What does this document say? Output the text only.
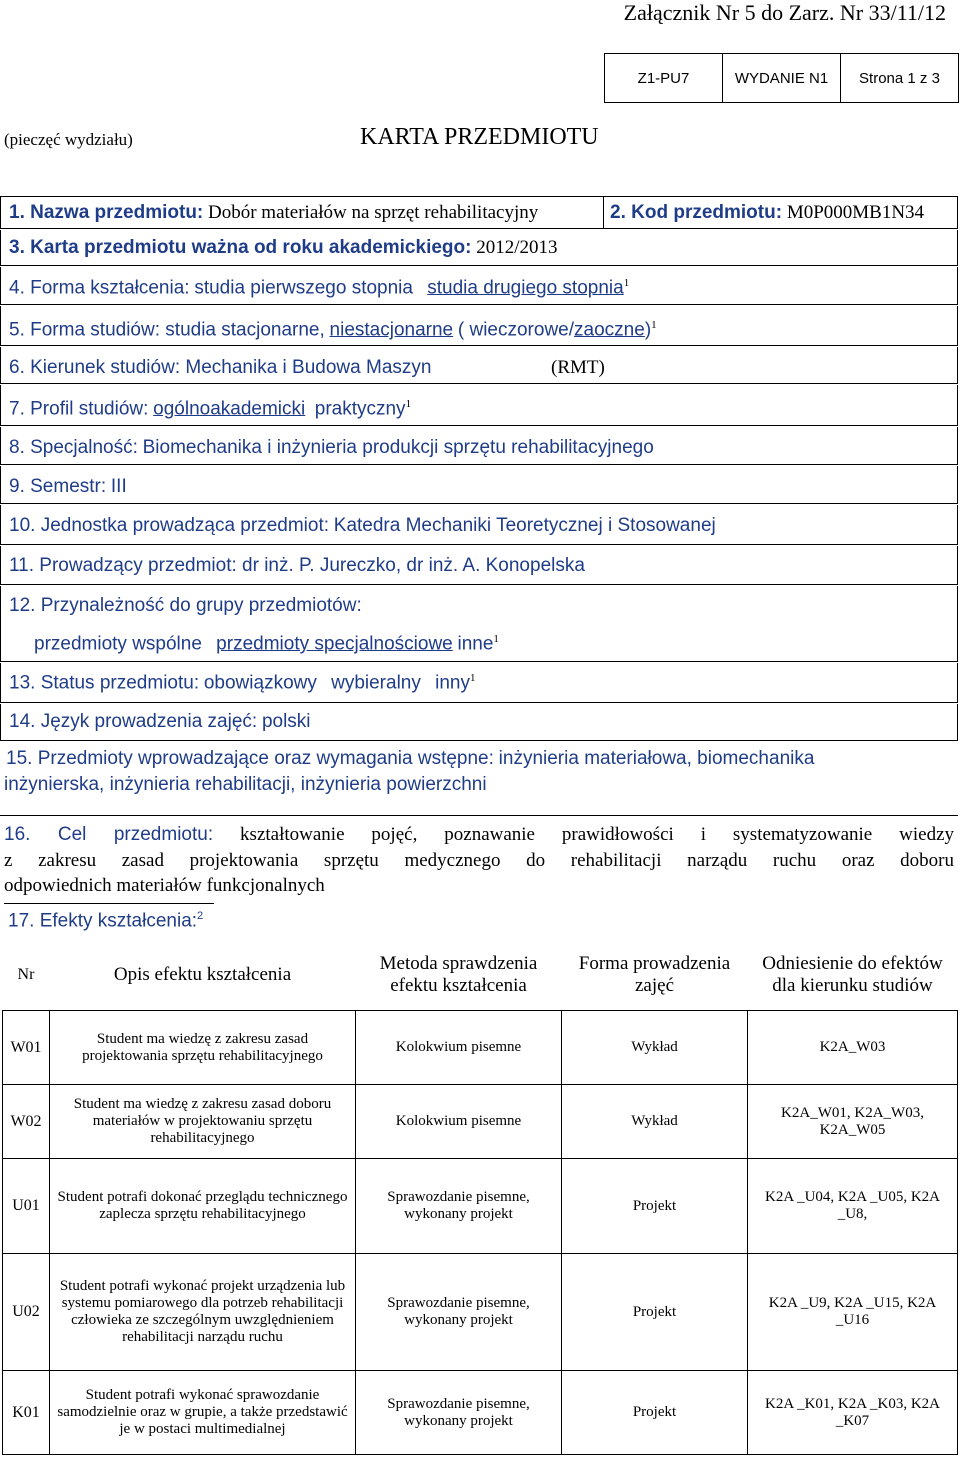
Załącznik Nr 5 do Zarz. Nr 33/11/12
Z1-PU7	WYDANIE N1	Strona 1 z 3
(pieczęć wydziału)	KARTA PRZEDMIOTU
1. Nazwa przedmiotu: Dobór materiałów na sprzęt rehabilitacyjny	2. Kod przedmiotu: M0P000MB1N34
3. Karta przedmiotu ważna od roku akademickiego: 2012/2013
4. Forma kształcenia: studia pierwszego stopnia studia drugiego stopnia$^1$
5. Forma studiów: studia stacjonarne, niestacjonarne ( wieczorowe/zaoczne)$^1$
6. Kierunek studiów: Mechanika i Budowa Maszyn	(RMT)
7. Profil studiów: ogólnoakademicki praktyczny$^1$
8. Specjalność: Biomechanika i inżynieria produkcji sprzętu rehabilitacyjnego
9. Semestr: III
10. Jednostka prowadząca przedmiot: Katedra Mechaniki Teoretycznej i Stosowanej
11. Prowadzący przedmiot: dr inż. P. Jureczko, dr inż. A. Konopelska
12. Przynależność do grupy przedmiotów:
przedmioty wspólne przedmioty specjalnościowe inne$^1$
13. Status przedmiotu: obowiązkowy wybieralny inny$^1$
14. Język prowadzenia zajęć: polski
15. Przedmioty wprowadzające oraz wymagania wstępne: inżynieria materiałowa, biomechanika
inżynierska, inżynieria rehabilitacji, inżynieria powierzchni
16. Cel przedmiotu: kształtowanie pojęć, poznawanie prawidłowości i systematyzowanie wiedzy
z zakresu zasad projektowania sprzętu medycznego do rehabilitacji narządu ruchu oraz doboru
odpowiednich materiałów funkcjonalnych
17. Efekty kształcenia:$^2$
Nr	Opis efektu kształcenia	Metoda sprawdzenia efektu kształcenia	Forma prowadzenia zajęć	Odniesienie do efektów dla kierunku studiów
W01	Student ma wiedzę z zakresu zasad projektowania sprzętu rehabilitacyjnego	Kolokwium pisemne	Wykład	K2A_W03
W02	Student ma wiedzę z zakresu zasad doboru materiałów w projektowaniu sprzętu rehabilitacyjnego	Kolokwium pisemne	Wykład	K2A_W01, K2A_W03, K2A_W05
U01	Student potrafi dokonać przeglądu technicznego zaplecza sprzętu rehabilitacyjnego	Sprawozdanie pisemne, wykonany projekt	Projekt	K2A _U04, K2A _U05, K2A _U8,
U02	Student potrafi wykonać projekt urządzenia lub systemu pomiarowego dla potrzeb rehabilitacji człowieka ze szczególnym uwzględnieniem rehabilitacji narządu ruchu	Sprawozdanie pisemne, wykonany projekt	Projekt	K2A _U9, K2A _U15, K2A _U16
K01	Student potrafi wykonać sprawozdanie samodzielnie oraz w grupie, a także przedstawić je w postaci multimedialnej	Sprawozdanie pisemne, wykonany projekt	Projekt	K2A _K01, K2A _K03, K2A _K07
